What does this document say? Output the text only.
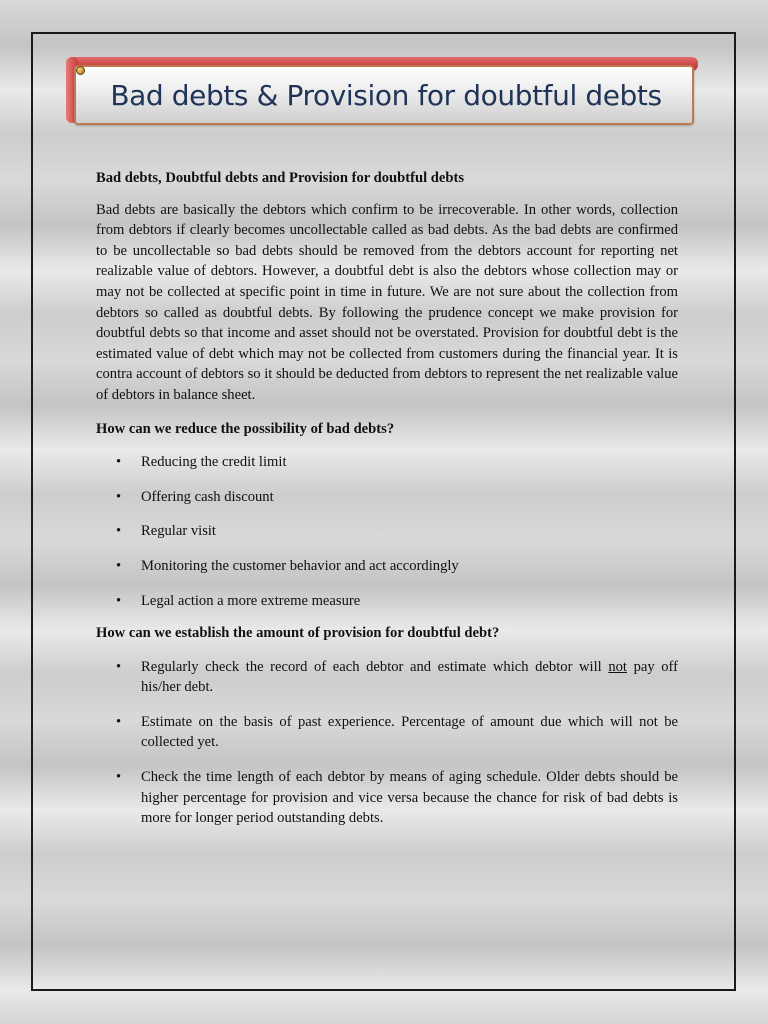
Bad debts & Provision for doubtful debts

Bad debts, Doubtful debts and Provision for doubtful debts

Bad debts are basically the debtors which confirm to be irrecoverable. In other words, collection from debtors if clearly becomes uncollectable called as bad debts. As the bad debts are confirmed to be uncollectable so bad debts should be removed from the debtors account for reporting net realizable value of debtors. However, a doubtful debt is also the debtors whose collection may or may not be collected at specific point in time in future. We are not sure about the collection from debtors so called as doubtful debts. By following the prudence concept we make provision for doubtful debts so that income and asset should not be overstated. Provision for doubtful debt is the estimated value of debt which may not be collected from customers during the financial year. It is contra account of debtors so it should be deducted from debtors to represent the net realizable value of debtors in balance sheet.

How can we reduce the possibility of bad debts?

• Reducing the credit limit
• Offering cash discount
• Regular visit
• Monitoring the customer behavior and act accordingly
• Legal action a more extreme measure

How can we establish the amount of provision for doubtful debt?

• Regularly check the record of each debtor and estimate which debtor will not pay off his/her debt.
• Estimate on the basis of past experience. Percentage of amount due which will not be collected yet.
• Check the time length of each debtor by means of aging schedule. Older debts should be higher percentage for provision and vice versa because the chance for risk of bad debts is more for longer period outstanding debts.
